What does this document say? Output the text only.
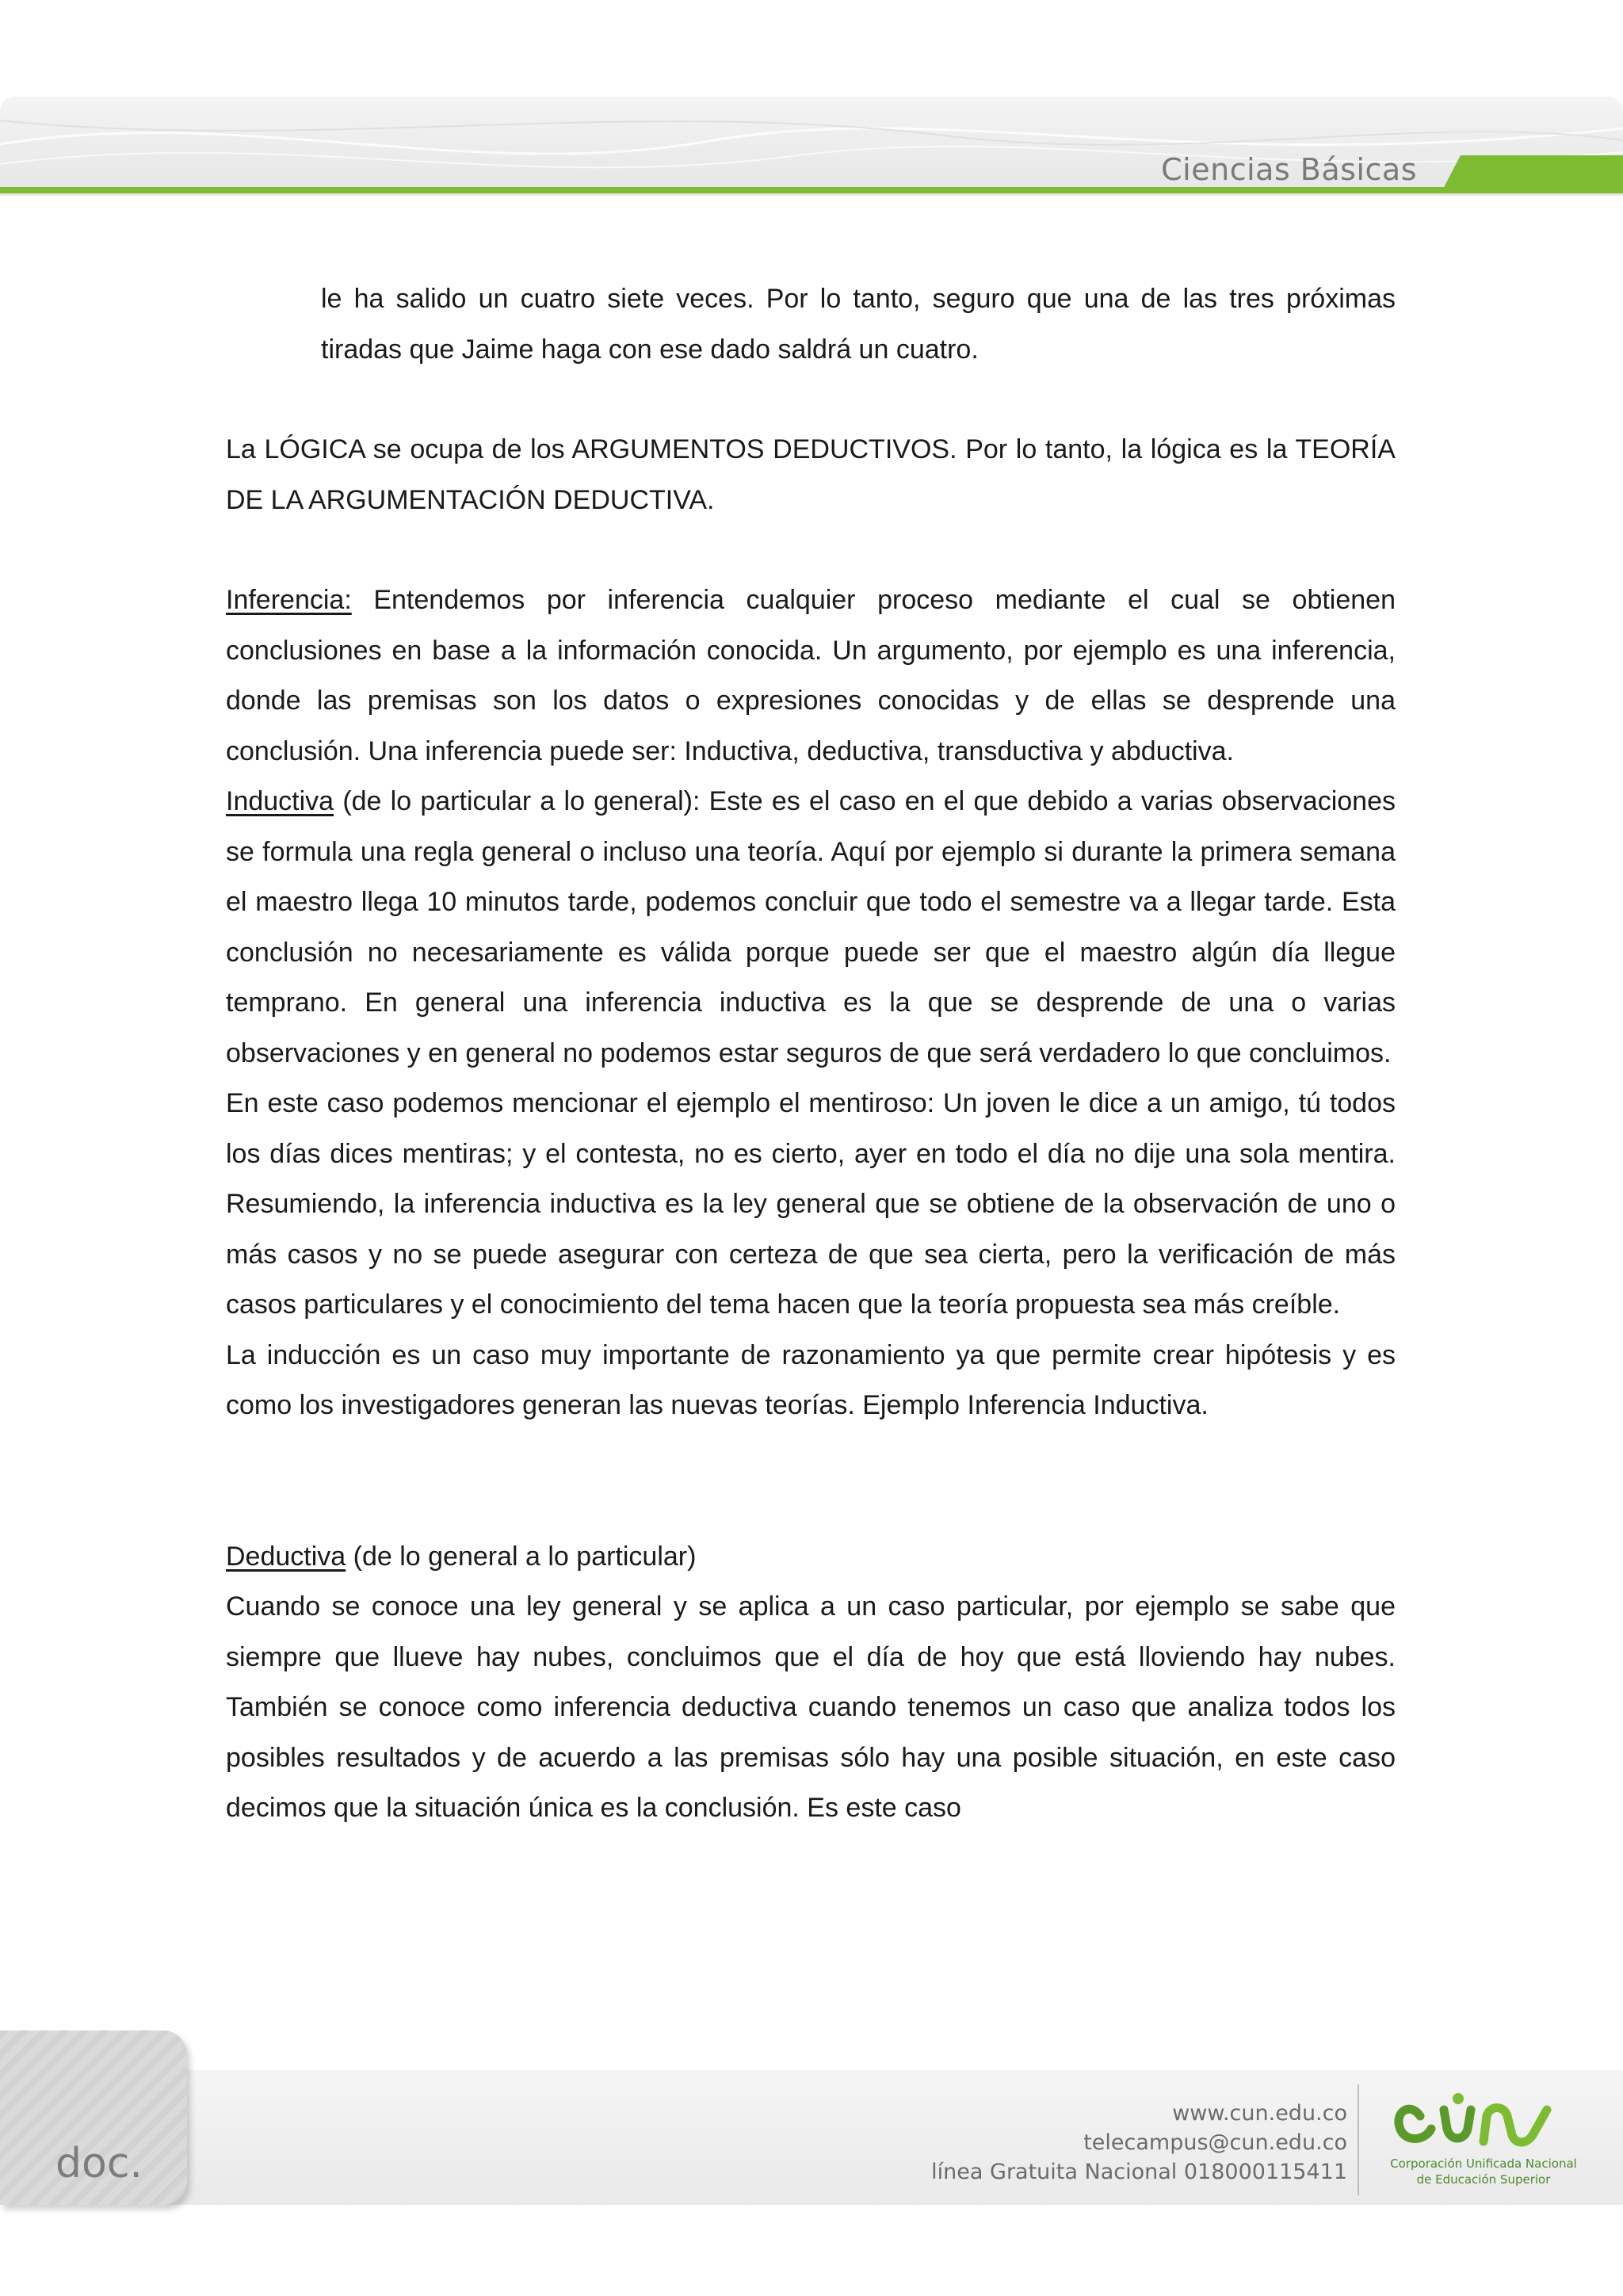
Ciencias Básicas

le ha salido un cuatro siete veces. Por lo tanto, seguro que una de las tres próximas tiradas que Jaime haga con ese dado saldrá un cuatro.

La LÓGICA se ocupa de los ARGUMENTOS DEDUCTIVOS. Por lo tanto, la lógica es la TEORÍA DE LA ARGUMENTACIÓN DEDUCTIVA.

Inferencia: Entendemos por inferencia cualquier proceso mediante el cual se obtienen conclusiones en base a la información conocida. Un argumento, por ejemplo es una inferencia, donde las premisas son los datos o expresiones conocidas y de ellas se desprende una conclusión. Una inferencia puede ser: Inductiva, deductiva, transductiva y abductiva.

Inductiva (de lo particular a lo general): Este es el caso en el que debido a varias observaciones se formula una regla general o incluso una teoría. Aquí por ejemplo si durante la primera semana el maestro llega 10 minutos tarde, podemos concluir que todo el semestre va a llegar tarde. Esta conclusión no necesariamente es válida porque puede ser que el maestro algún día llegue temprano. En general una inferencia inductiva es la que se desprende de una o varias observaciones y en general no podemos estar seguros de que será verdadero lo que concluimos.

En este caso podemos mencionar el ejemplo el mentiroso: Un joven le dice a un amigo, tú todos los días dices mentiras; y el contesta, no es cierto, ayer en todo el día no dije una sola mentira. Resumiendo, la inferencia inductiva es la ley general que se obtiene de la observación de uno o más casos y no se puede asegurar con certeza de que sea cierta, pero la verificación de más casos particulares y el conocimiento del tema hacen que la teoría propuesta sea más creíble.

La inducción es un caso muy importante de razonamiento ya que permite crear hipótesis y es como los investigadores generan las nuevas teorías. Ejemplo Inferencia Inductiva.

Deductiva (de lo general a lo particular)

Cuando se conoce una ley general y se aplica a un caso particular, por ejemplo se sabe que siempre que llueve hay nubes, concluimos que el día de hoy que está lloviendo hay nubes. También se conoce como inferencia deductiva cuando tenemos un caso que analiza todos los posibles resultados y de acuerdo a las premisas sólo hay una posible situación, en este caso decimos que la situación única es la conclusión. Es este caso

doc.
www.cun.edu.co
telecampus@cun.edu.co
línea Gratuita Nacional 018000115411	Corporación Unificada Nacional
de Educación Superior
